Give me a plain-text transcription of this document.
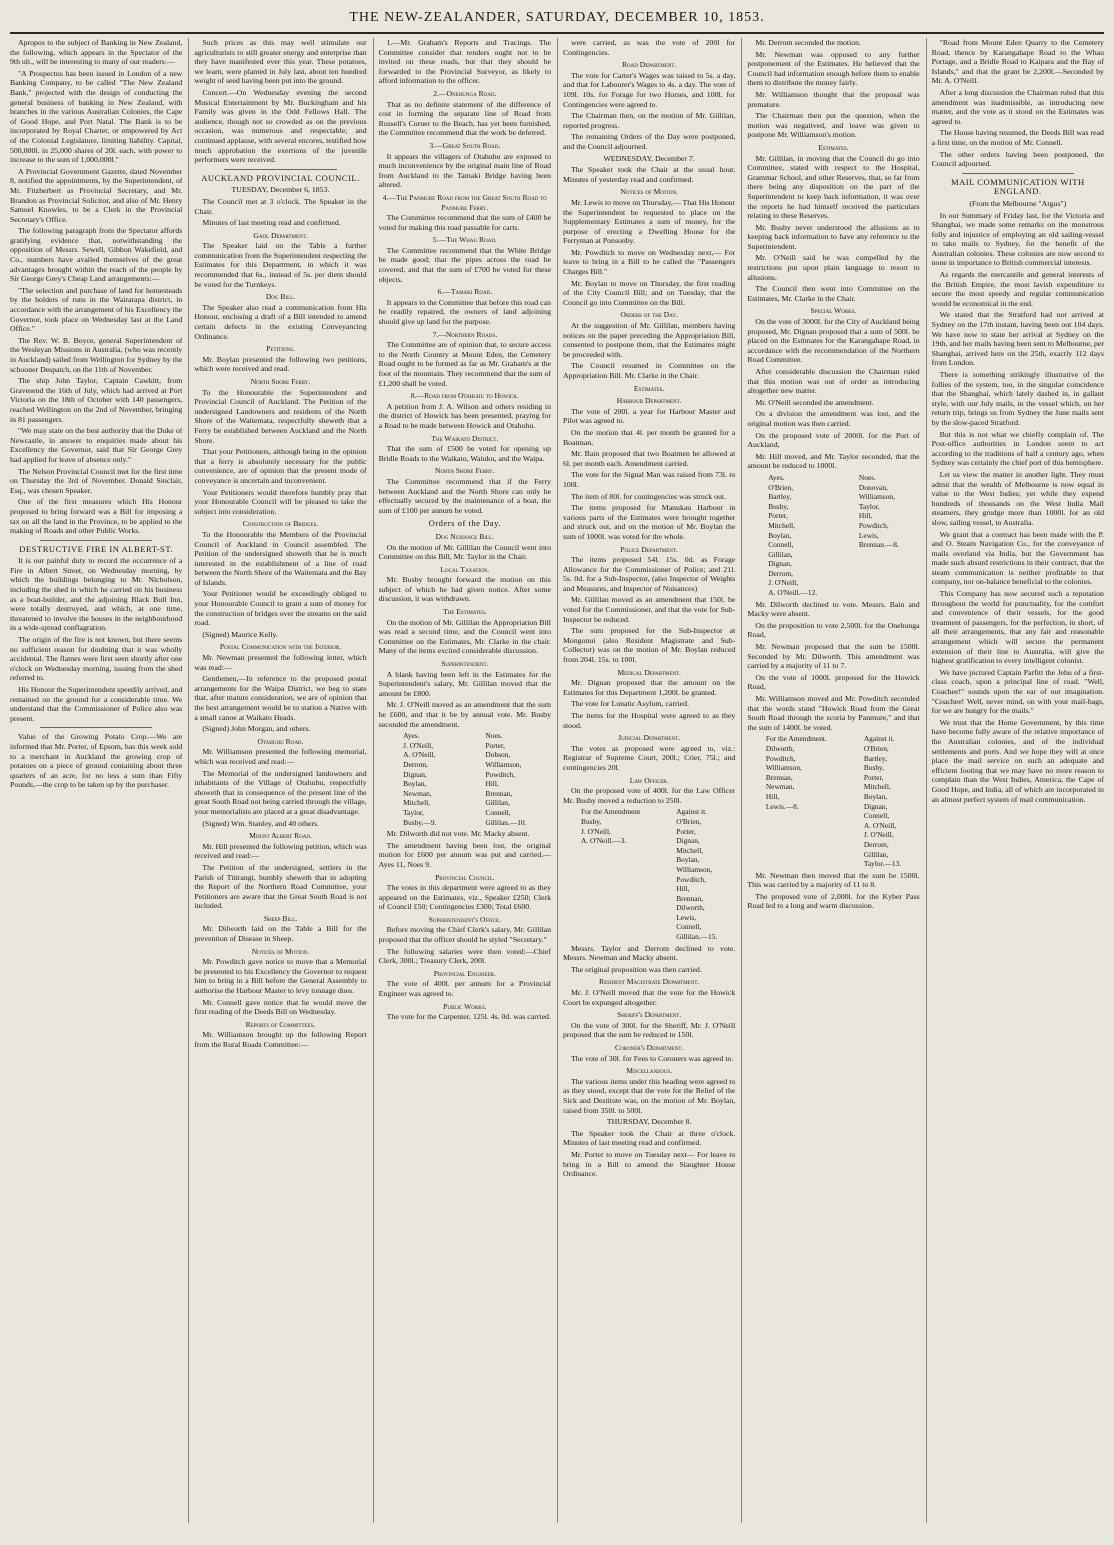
THE NEW-ZEALANDER, SATURDAY, DECEMBER 10, 1853.

Apropos to the subject of Banking in New Zealand, the following, which appears in the Spectator of the 9th ult., will be interesting to many of our readers:—

"A Prospectus has been issued in London of a new Banking Company, to be called "The New Zealand Bank," projected with the design of conducting the general business of banking in New Zealand, with branches in the various Australian Colonies, the Cape of Good Hope, and Port Natal. The Bank is to be incorporated by Royal Charter, or empowered by Act of the Colonial Legislature, limiting liability. Capital, 500,000l. in 25,000 shares of 20l. each, with power to increase to the sum of 1,000,000l."

A Provincial Government Gazette, dated November 8, notified the appointments, by the Superintendent, of Mr. Fitzherbert as Provincial Secretary, and Mr. Brandon as Provincial Solicitor, and also of Mr. Henry Samuel Knowles, to be a Clerk in the Provincial Secretary's Office.

The following paragraph from the Spectator affords gratifying evidence that, notwithstanding the opposition of Messrs. Sewell, Gibbon Wakefield, and Co., numbers have availed themselves of the great advantages brought within the reach of the people by Sir George Grey's Cheap Land arrangements:—

"The selection and purchase of land for homesteads by the holders of runs in the Wairarapa district, in accordance with the arrangement of his Excellency the Governor, took place on Wednesday last at the Land Office."

The Rev. W. B. Boyce, general Superintendent of the Wesleyan Missions in Australia, (who was recently in Auckland) sailed from Wellington for Sydney by the schooner Despatch, on the 11th of November.

The ship John Taylor, Captain Cawkitt, from Gravesend the 16th of July, which had arrived at Port Victoria on the 18th of October with 140 passengers, reached Wellington on the 2nd of November, bringing in 81 passengers.

"We may state on the best authority that the Duke of Newcastle, in answer to enquiries made about his Excellency the Governor, said that Sir George Grey had applied for leave of absence only."

The Nelson Provincial Council met for the first time on Thursday the 3rd of November. Donald Sinclair, Esq., was chosen Speaker.

One of the first measures which His Honour proposed to bring forward was a Bill for imposing a tax on all the land in the Province, to be applied to the making of Roads and other Public Works.

DESTRUCTIVE FIRE IN ALBERT-ST.

It is our painful duty to record the occurrence of a Fire in Albert Street, on Wednesday morning, by which the buildings belonging to Mr. Nicholson, including the shed in which he carried on his business as a boat-builder, and the adjoining Black Bull Inn, were totally destroyed, and which, at one time, threatened to involve the houses in the neighbourhood in a wide-spread conflagration.

The origin of the fire is not known, but there seems no sufficient reason for doubting that it was wholly accidental. The flames were first seen shortly after one o'clock on Wednesday morning, issuing from the shed referred to.

His Honour the Superintendent speedily arrived, and remained on the ground for a considerable time. We understand that the Commissioner of Police also was present.

Value of the Growing Potato Crop.—We are informed that Mr. Porter, of Epsom, has this week sold to a merchant in Auckland the growing crop of potatoes on a piece of ground containing about three quarters of an acre, for no less a sum than Fifty Pounds,—the crop to be taken up by the purchaser.

Such prices as this may well stimulate our agriculturists to still greater energy and enterprise than they have manifested ever this year. These potatoes, we learn, were planted in July last, about ten hundred weight of seed having been put into the ground.

Concert.—On Wednesday evening the second Musical Entertainment by Mr. Buckingham and his Family was given in the Odd Fellows Hall. The audience, though not so crowded as on the previous occasion, was numerous and respectable; and continued applause, with several encores, testified how much approbation the exertions of the juvenile performers were received.

AUCKLAND PROVINCIAL COUNCIL.
TUESDAY, December 6, 1853.

The Council met at 3 o'clock. The Speaker in the Chair.

Minutes of last meeting read and confirmed.

Gaol Department.

The Speaker laid on the Table a further communication from the Superintendent respecting the Estimates for this Department, in which it was recommended that 6s., instead of 5s. per diem should be voted for the Turnkeys.

Dog Bill.

The Speaker also read a communication from His Honour, enclosing a draft of a Bill intended to amend certain defects in the existing Conveyancing Ordinance.

Petitions.

Mr. Boylan presented the following two petitions, which were received and read.

North Shore Ferry.

To the Honourable the Superintendent and Provincial Council of Auckland. The Petition of the undersigned Landowners and residents of the North Shore of the Waitemata, respectfully sheweth that a Ferry be established between Auckland and the North Shore.

That your Petitioners, although being in the opinion that a ferry is absolutely necessary for the public convenience, are of opinion that the present mode of conveyance is uncertain and inconvenient.

Your Petitioners would therefore humbly pray that your Honourable Council will be pleased to take the subject into consideration.

Construction of Bridges.

To the Honourable the Members of the Provincial Council of Auckland in Council assembled. The Petition of the undersigned showeth that he is much interested in the establishment of a line of road between the North Shore of the Waitemata and the Bay of Islands.

Your Petitioner would be exceedingly obliged to your Honourable Council to grant a sum of money for the construction of bridges over the streams on the said road.

(Signed) Maurice Kelly.

Postal Communication with the Interior.

Mr. Newman presented the following letter, which was read:—

Gentlemen,—In reference to the proposed postal arrangements for the Waipa District, we beg to state that, after mature consideration, we are of opinion that the best arrangement would be to station a Native with a small canoe at Waikato Heads.

(Signed) John Morgan, and others.

Otahuhu Road.

Mr. Williamson presented the following memorial, which was received and read:—

The Memorial of the undersigned landowners and inhabitants of the Village of Otahuhu, respectfully showeth that in consequence of the present line of the great South Road not being carried through the village, your memorialists are placed at a great disadvantage.

(Signed) Wm. Stanley, and 40 others.

Mount Albert Road.

Mr. Hill presented the following petition, which was received and read:—

The Petition of the undersigned, settlers in the Parish of Titirangi, humbly sheweth that in adopting the Report of the Northern Road Committee, your Petitioners are aware that the Great South Road is not included.

Sheep Bill.

Mr. Dilworth laid on the Table a Bill for the prevention of Disease in Sheep.

Notices of Motion.

Mr. Powditch gave notice to move that a Memorial be presented to his Excellency the Governor to request him to bring in a Bill before the General Assembly to authorise the Harbour Master to levy tonnage dues.

Mr. Connell gave notice that he would move the first reading of the Deeds Bill on Wednesday.

Reports of Committees.

Mr. Williamson brought up the following Report from the Rural Roads Committee:—

1.—Mr. Graham's Reports and Tracings. The Committee consider that tenders ought not to be invited on these roads, but that they should be forwarded to the Provincial Surveyor, as likely to afford information to the officer.

2.—Onehunga Road.

That as no definite statement of the difference of cost in forming the separate line of Road from Russell's Corner to the Beach, has yet been furnished, the Committee recommend that the work be deferred.

3.—Great South Road.

It appears the villagers of Otahuhu are exposed to much inconvenience by the original main line of Road from Auckland to the Tamaki Bridge having been altered.

4.—The Panmure Road from the Great South Road to Panmure Ferry.

The Committee recommend that the sum of £400 be voted for making this road passable for carts.

5.—The Whau Road.

The Committee recommend that the White Bridge be made good; that the pipes across the road be covered, and that the sum of £700 be voted for these objects.

6.—Tamaki Road.

It appears to the Committee that before this road can be readily repaired, the owners of land adjoining should give up land for the purpose.

7.—Northern Roads.

The Committee are of opinion that, to secure access to the North Country at Mount Eden, the Cemetery Road ought to be formed as far as Mr. Graham's at the foot of the mountain. They recommend that the sum of £1,200 shall be voted.

8.—Road from Otahuhu to Howick.

A petition from J. A. Wilson and others residing in the district of Howick has been presented, praying for a Road to be made between Howick and Otahuhu.

The Waikato District.

That the sum of £500 be voted for opening up Bridle Roads to the Waikato, Waiuku, and the Waipa.

North Shore Ferry.

The Committee recommend that if the Ferry between Auckland and the North Shore can only be effectually secured by the maintenance of a boat, the sum of £100 per annum be voted.

Orders of the Day.
Dog Nuisance Bill.

On the motion of Mr. Gillilan the Council went into Committee on this Bill, Mr. Taylor in the Chair.

Local Taxation.

Mr. Busby brought forward the motion on this subject of which he had given notice. After some discussion, it was withdrawn.

The Estimates.

On the motion of Mr. Gillilan the Appropriation Bill was read a second time, and the Council went into Committee on the Estimates, Mr. Clarke in the chair. Many of the items excited considerable discussion.

Superintendent.

A blank having been left in the Estimates for the Superintendent's salary, Mr. Gillilan moved that the amount be £800.

Mr. J. O'Neill moved as an amendment that the sum be £600, and that it be by annual vote. Mr. Busby seconded the amendment.

Ayes.
J. O'Neill,
A. O'Neill,
Derrom,
Dignan,
Boylan,
Newman,
Mitchell,
Taylor,
Busby.—9.
Noes.
Porter,
Dobson,
Williamson,
Powditch,
Hill,
Brennan,
Gillilan,
Connell,
Gillilan.—10.

Mr. Dilworth did not vote. Mr. Macky absent.

The amendment having been lost, the original motion for £600 per annum was put and carried,—Ayes 11, Noes 9.

Provincial Council.

The votes in this department were agreed to as they appeared on the Estimates, viz., Speaker £250; Clerk of Council £50; Contingencies £300; Total £600.

Superintendent's Office.

Before moving the Chief Clerk's salary, Mr. Gillilan proposed that the officer should be styled "Secretary."

The following salaries were then voted:—Chief Clerk, 300l.; Treasury Clerk, 200l.

Provincial Engineer.

The vote of 400l. per annum for a Provincial Engineer was agreed to.

Public Works.

The vote for the Carpenter, 125l. 4s. 0d. was carried.

were carried, as was the vote of 200l for Contingencies.

Road Department.

The vote for Carter's Wages was raised to 5s. a day, and that for Labourer's Wages to 4s. a day. The vote of 109l. 10s. for Forage for two Horses, and 100l. for Contingencies were agreed to.

The Chairman then, on the motion of Mr. Gillilan, reported progress.

The remaining Orders of the Day were postponed, and the Council adjourned.

WEDNESDAY, December 7.

The Speaker took the Chair at the usual hour. Minutes of yesterday read and confirmed.

Notices of Motion.

Mr. Lewis to move on Thursday,— That His Honour the Superintendent be requested to place on the Supplementary Estimates a sum of money, for the purpose of erecting a Dwelling House for the Ferryman at Ponsonby.

Mr. Powditch to move on Wednesday next,— For leave to bring in a Bill to be called the "Passengers Charges Bill."

Mr. Boylan to move on Thursday, the first reading of the City Council Bill; and on Tuesday, that the Council go into Committee on the Bill.

Orders of the Day.

At the suggestion of Mr. Gillilan, members having notices on the paper preceding the Appropriation Bill, consented to postpone them, that the Estimates might be proceeded with.

The Council resumed in Committee on the Appropriation Bill. Mr. Clarke in the Chair.

Estimates.
Harbour Department.

The vote of 200l. a year for Harbour Master and Pilot was agreed to.

On the motion that 4l. per month be granted for a Boatman,

Mr. Bain proposed that two Boatmen be allowed at 6l. per month each. Amendment carried.

The vote for the Signal Man was raised from 73l. to 100l.

The item of 80l. for contingencies was struck out.

The items proposed for Manukau Harbour in various parts of the Estimates were brought together and struck out, and on the motion of Mr. Boylan the sum of 1000l. was voted for the whole.

Police Department.

The items proposed 54l. 15s. 0d. as Forage Allowance for the Commissioner of Police; and 21l. 5s. 0d. for a Sub-Inspector, (also Inspector of Weights and Measures, and Inspector of Nuisances)

Mr. Gillilan moved as an amendment that 150l. be voted for the Commissioner, and that the vote for Sub-Inspector be reduced.

The sum proposed for the Sub-Inspector at Mongonui (also Resident Magistrate and Sub-Collector) was on the motion of Mr. Boylan reduced from 204l. 15s. to 100l.

Medical Department.

Mr. Dignan proposed that the amount on the Estimates for this Department 1,200l. be granted.

The vote for Lunatic Asylum, carried.

The items for the Hospital were agreed to as they stood.

Judicial Department.

The votes as proposed were agreed to, viz.: Registrar of Supreme Court, 200l.; Crier, 75l.; and contingencies 20l.

Law Officer.

On the proposed vote of 400l. for the Law Officer Mr. Busby moved a reduction to 250l.

For the Amendment
Busby,
J. O'Neill,
A. O'Neill.—3.
Against it.
O'Brien,
Porter,
Dignan,
Mitchell,
Boylan,
Williamson,
Powditch,
Hill,
Brennan,
Dilworth,
Lewis,
Connell,
Gillilan.—15.

Messrs. Taylor and Derrom declined to vote. Messrs. Newman and Macky absent.

The original proposition was then carried.

Resident Magistrate Department.

Mr. J. O'Neill moved that the vote for the Howick Court be expunged altogether.

Sheriff's Department.

On the vote of 300l. for the Sheriff, Mr. J. O'Neill proposed that the sum be reduced to 150l.

Coroner's Department.

The vote of 30l. for Fees to Coroners was agreed to.

Miscellaneous.

The various items under this heading were agreed to as they stood, except that the vote for the Relief of the Sick and Destitute was, on the motion of Mr. Boylan, raised from 350l. to 500l.

THURSDAY, December 8.

The Speaker took the Chair at three o'clock. Minutes of last meeting read and confirmed.

Mr. Porter to move on Tuesday next— For leave to bring in a Bill to amend the Slaughter House Ordinance.

Mr. Derrom seconded the motion.

Mr. Newman was opposed to any further postponement of the Estimates. He believed that the Council had information enough before them to enable them to distribute the money fairly.

Mr. Williamson thought that the proposal was premature.

The Chairman then put the question, when the motion was negatived, and leave was given to postpone Mr. Williamson's motion.

Estimates.

Mr. Gillilan, in moving that the Council do go into Committee, stated with respect to the Hospital, Grammar School, and other Reserves, that, so far from there being any disposition on the part of the Superintendent to keep back information, it was over the reports he had himself received the particulars relating to these Reserves.

Mr. Busby never understood the allusions as to keeping back information to have any reference to the Superintendent.

Mr. O'Neill said he was compelled by the restrictions put upon plain language to resort to allusions.

The Council then went into Committee on the Estimates, Mr. Clarke in the Chair.

Special Works.

On the vote of 3000l. for the City of Auckland being proposed, Mr. Dignan proposed that a sum of 500l. be placed on the Estimates for the Karangahape Road, in accordance with the recommendation of the Northern Road Committee.

After considerable discussion the Chairman ruled that this motion was out of order as introducing altogether new matter.

Mr. O'Neill seconded the amendment.

On a division the amendment was lost, and the original motion was then carried.

On the proposed vote of 2000l. for the Port of Auckland,

Mr. Hill moved, and Mr. Taylor seconded, that the amount be reduced to 1000l.

Ayes.
O'Brien,
Bartley,
Busby,
Porter,
Mitchell,
Boylan,
Connell,
Gillilan,
Dignan,
Derrom,
J. O'Neill,
A. O'Neill.—12.
Noes.
Donovan,
Williamson,
Taylor,
Hill,
Powditch,
Lewis,
Brennan.—8.

Mr. Dilworth declined to vote. Messrs. Bain and Macky were absent.

On the proposition to vote 2,500l. for the Onehunga Road,

Mr. Newman proposed that the sum be 1500l. Seconded by Mr. Dilworth. This amendment was carried by a majority of 11 to 7.

On the vote of 1000l. proposed for the Howick Road,

Mr. Williamson moved and Mr. Powditch seconded that the words stand "Howick Road from the Great South Road through the scoria by Panmure," and that the sum of 1400l. be voted.

For the Amendment.
Dilworth,
Powditch,
Williamson,
Brennan,
Newman,
Hill,
Lewis.—8.
Against it.
O'Brien,
Bartley,
Busby,
Porter,
Mitchell,
Boylan,
Dignan,
Connell,
A. O'Neill,
J. O'Neill,
Derrom,
Gillilan,
Taylor.—13.

Mr. Newman then moved that the sum be 1500l. This was carried by a majority of 11 to 8.

The proposed vote of 2,000l. for the Kyber Pass Road led to a long and warm discussion.

"Road from Mount Eden Quarry to the Cemetery Road, thence by Karangahape Road to the Whau Portage, and a Bridle Road to Kaipara and the Bay of Islands," and that the grant be 2,200l.—Seconded by Mr. A. O'Neill.

After a long discussion the Chairman ruled that this amendment was inadmissible, as introducing new matter, and the vote as it stood on the Estimates was agreed to.

The House having resumed, the Deeds Bill was read a first time, on the motion of Mr. Connell.

The other orders having been postponed, the Council adjourned.

MAIL COMMUNICATION WITH ENGLAND.
(From the Melbourne "Argus")

In our Summary of Friday last, for the Victoria and Shanghai, we made some remarks on the monstrous folly and injustice of employing an old sailing-vessel to take mails to Sydney, for the benefit of the Australian colonies. These colonies are now second to none in importance to British commercial interests.

As regards the mercantile and general interests of the British Empire, the most lavish expenditure to secure the most speedy and regular communication would be economical in the end.

We stated that the Stratford had not arrived at Sydney on the 17th instant, having been out 104 days. We have now to state her arrival at Sydney on the 19th, and her mails having been sent to Melbourne, per Shanghai, arrived here on the 25th, exactly 112 days from London.

There is something strikingly illustrative of the follies of the system, too, in the singular coincidence that the Shanghai, which lately dashed in, in gallant style, with our July mails, in the vessel which, on her return trip, brings us from Sydney the June mails sent by the slow-paced Stratford.

But this is not what we chiefly complain of. The Post-office authorities in London seem to act according to the traditions of half a century ago, when Sydney was certainly the chief port of this hemisphere.

Let us view the matter in another light. They must admit that the wealth of Melbourne is now equal in value to the West Indies; yet while they expend hundreds of thousands on the West India Mail steamers, they grudge more than 1000l. for an old slow, sailing vessel, to Australia.

We grant that a contract has been made with the P. and O. Steam Navigation Co., for the conveyance of mails overland via India, but the Government has made such absurd restrictions in their contract, that the steam communication is neither profitable to that company, nor on-balance beneficial to the colonies.

This Company has now secured such a reputation throughout the world for punctuality, for the comfort and convenience of their vessels, for the good treatment of passengers, for the perfection, in short, of all their arrangements, that any fair and reasonable arrangement which will secure the permanent extension of their line to Australia, will give the highest gratification to every intelligent colonist.

We have pictured Captain Parfitt the Jehu of a first-class coach, upon a principal line of road. "Well, Coachee!" sounds upon the ear of our imagination. "Coachee! Well, never mind, on with your mail-bags, for we are hungry for the mails."

We trust that the Home Government, by this time have become fully aware of the relative importance of the Australian colonies, and of the individual settlements and ports. And we hope they will at once place the mail service on such an adequate and efficient footing that we may have no more reason to complain than the West Indies, America, the Cape of Good Hope, and India, all of which are incorporated in an almost perfect system of mail communication.
